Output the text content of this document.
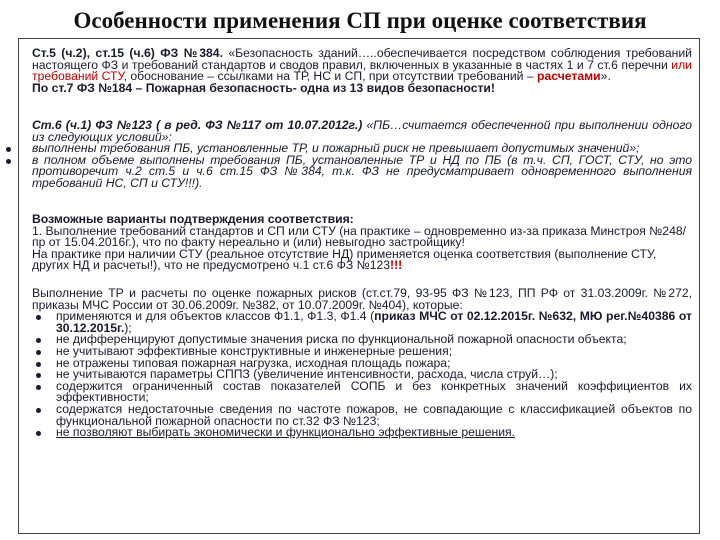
Особенности применения СП при оценке соответствия

Ст.5 (ч.2), ст.15 (ч.6) ФЗ №384. «Безопасность зданий…..обеспечивается посредством соблюдения требований настоящего ФЗ и требований стандартов и сводов правил, включенных в указанные в частях 1 и 7 ст.6 перечни или требований СТУ, обоснование – ссылками на ТР, НС и СП, при отсутствии требований – расчетами».

По ст.7 ФЗ №184 – Пожарная безопасность- одна из 13 видов безопасности!

Ст.6 (ч.1) ФЗ №123 ( в ред. ФЗ №117 от 10.07.2012г.) «ПБ…считается обеспеченной при выполнении одного из следующих условий»:

выполнены требования ПБ, установленные ТР, и пожарный риск не превышает допустимых значений»;
в полном объеме выполнены требования ПБ, установленные ТР и НД по ПБ (в т.ч. СП, ГОСТ, СТУ, но это противоречит ч.2 ст.5 и ч.6 ст.15 ФЗ №384, т.к. ФЗ не предусматривает одновременного выполнения требований НС, СП и СТУ!!!).

Возможные варианты подтверждения соответствия:

1. Выполнение требований стандартов и СП или СТУ (на практике – одновременно из-за приказа Минстроя №248/пр от 15.04.2016г.), что по факту нереально и (или) невыгодно застройщику!

На практике при наличии СТУ (реальное отсутствие НД) применяется оценка соответствия (выполнение СТУ, других НД и расчеты!), что не предусмотрено ч.1 ст.6 ФЗ №123!!!

Выполнение ТР и расчеты по оценке пожарных рисков (ст.ст.79, 93-95 ФЗ №123, ПП РФ от 31.03.2009г. №272, приказы МЧС России от 30.06.2009г. №382, от 10.07.2009г. №404), которые:

применяются и для объектов классов Ф1.1, Ф1.3, Ф1.4 (приказ МЧС от 02.12.2015г. №632, МЮ рег.№40386 от 30.12.2015г.);
не дифференцируют допустимые значения риска по функциональной пожарной опасности объекта;
не учитывают эффективные конструктивные и инженерные решения;
не отражены типовая пожарная нагрузка, исходная площадь пожара;
не учитываются параметры СППЗ (увеличение интенсивности, расхода, числа струй…);
содержится ограниченный состав показателей СОПБ и без конкретных значений коэффициентов их эффективности;
содержатся недостаточные сведения по частоте пожаров, не совпадающие с классификацией объектов по функциональной пожарной опасности по ст.32 ФЗ №123;
не позволяют выбирать экономически и функционально эффективные решения.
